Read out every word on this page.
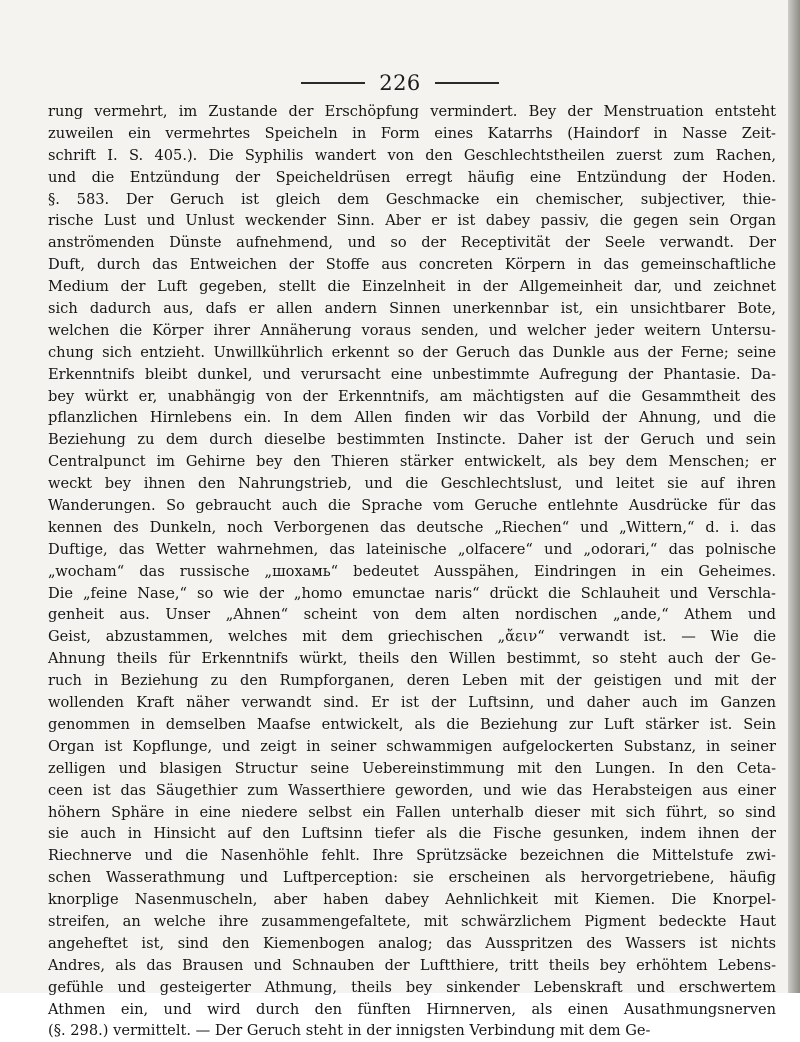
226
rung vermehrt, im Zustande der Erschöpfung vermindert. Bey der Menstruation entsteht
zuweilen ein vermehrtes Speicheln in Form eines Katarrhs (Haindorf in Nasse Zeit-
schrift I. S. 405.). Die Syphilis wandert von den Geschlechtstheilen zuerst zum Rachen,
und die Entzündung der Speicheldrüsen erregt häufig eine Entzündung der Hoden.
§. 583. Der Geruch ist gleich dem Geschmacke ein chemischer, subjectiver, thie-
rische Lust und Unlust weckender Sinn. Aber er ist dabey passiv, die gegen sein Organ
anströmenden Dünste aufnehmend, und so der Receptivität der Seele verwandt. Der
Duft, durch das Entweichen der Stoffe aus concreten Körpern in das gemeinschaftliche
Medium der Luft gegeben, stellt die Einzelnheit in der Allgemeinheit dar, und zeichnet
sich dadurch aus, dafs er allen andern Sinnen unerkennbar ist, ein unsichtbarer Bote,
welchen die Körper ihrer Annäherung voraus senden, und welcher jeder weitern Untersu-
chung sich entzieht. Unwillkührlich erkennt so der Geruch das Dunkle aus der Ferne; seine
Erkenntnifs bleibt dunkel, und verursacht eine unbestimmte Aufregung der Phantasie. Da-
bey würkt er, unabhängig von der Erkenntnifs, am mächtigsten auf die Gesammtheit des
pflanzlichen Hirnlebens ein. In dem Allen finden wir das Vorbild der Ahnung, und die
Beziehung zu dem durch dieselbe bestimmten Instincte. Daher ist der Geruch und sein
Centralpunct im Gehirne bey den Thieren stärker entwickelt, als bey dem Menschen; er
weckt bey ihnen den Nahrungstrieb, und die Geschlechtslust, und leitet sie auf ihren
Wanderungen. So gebraucht auch die Sprache vom Geruche entlehnte Ausdrücke für das
kennen des Dunkeln, noch Verborgenen das deutsche „Riechen“ und „Wittern,“ d. i. das
Duftige, das Wetter wahrnehmen, das lateinische „olfacere“ und „odorari,“ das polnische
„wocham“ das russische „шохамь“ bedeutet Ausspähen, Eindringen in ein Geheimes.
Die „feine Nase,“ so wie der „homo emunctae naris“ drückt die Schlauheit und Verschla-
genheit aus. Unser „Ahnen“ scheint von dem alten nordischen „ande,“ Athem und
Geist, abzustammen, welches mit dem griechischen „ἄειν“ verwandt ist. — Wie die
Ahnung theils für Erkenntnifs würkt, theils den Willen bestimmt, so steht auch der Ge-
ruch in Beziehung zu den Rumpforganen, deren Leben mit der geistigen und mit der
wollenden Kraft näher verwandt sind. Er ist der Luftsinn, und daher auch im Ganzen
genommen in demselben Maafse entwickelt, als die Beziehung zur Luft stärker ist. Sein
Organ ist Kopflunge, und zeigt in seiner schwammigen aufgelockerten Substanz, in seiner
zelligen und blasigen Structur seine Uebereinstimmung mit den Lungen. In den Ceta-
ceen ist das Säugethier zum Wasserthiere geworden, und wie das Herabsteigen aus einer
höhern Sphäre in eine niedere selbst ein Fallen unterhalb dieser mit sich führt, so sind
sie auch in Hinsicht auf den Luftsinn tiefer als die Fische gesunken, indem ihnen der
Riechnerve und die Nasenhöhle fehlt. Ihre Sprützsäcke bezeichnen die Mittelstufe zwi-
schen Wasserathmung und Luftperception: sie erscheinen als hervorgetriebene, häufig
knorplige Nasenmuscheln, aber haben dabey Aehnlichkeit mit Kiemen. Die Knorpel-
streifen, an welche ihre zusammengefaltete, mit schwärzlichem Pigment bedeckte Haut
angeheftet ist, sind den Kiemenbogen analog; das Ausspritzen des Wassers ist nichts
Andres, als das Brausen und Schnauben der Luftthiere, tritt theils bey erhöhtem Lebens-
gefühle und gesteigerter Athmung, theils bey sinkender Lebenskraft und erschwertem
Athmen ein, und wird durch den fünften Hirnnerven, als einen Ausathmungsnerven
(§. 298.) vermittelt. — Der Geruch steht in der innigsten Verbindung mit dem Ge-
